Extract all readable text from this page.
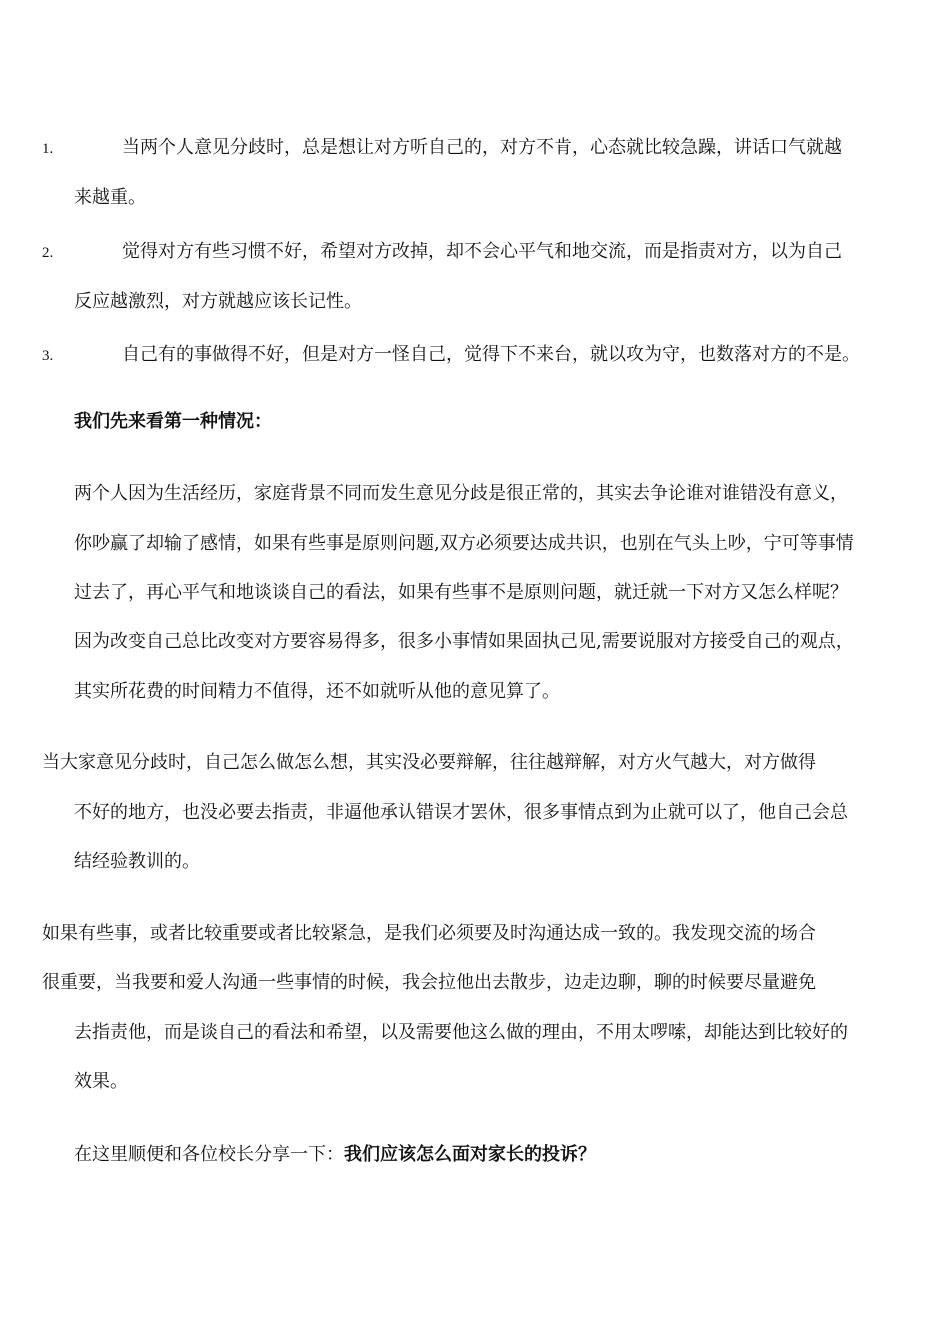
1.	当两个人意见分歧时，总是想让对方听自己的，对方不肯，心态就比较急躁，讲话口气就越
来越重。
2.	觉得对方有些习惯不好，希望对方改掉，却不会心平气和地交流，而是指责对方，以为自己
反应越激烈，对方就越应该长记性。
3.	自己有的事做得不好，但是对方一怪自己，觉得下不来台，就以攻为守，也数落对方的不是。
我们先来看第一种情况：
两个人因为生活经历，家庭背景不同而发生意见分歧是很正常的，其实去争论谁对谁错没有意义，
你吵赢了却输了感情，如果有些事是原则问题,双方必须要达成共识，也别在气头上吵，宁可等事情
过去了，再心平气和地谈谈自己的看法，如果有些事不是原则问题，就迁就一下对方又怎么样呢？
因为改变自己总比改变对方要容易得多，很多小事情如果固执己见,需要说服对方接受自己的观点，
其实所花费的时间精力不值得，还不如就听从他的意见算了。
当大家意见分歧时，自己怎么做怎么想，其实没必要辩解，往往越辩解，对方火气越大，对方做得
不好的地方，也没必要去指责，非逼他承认错误才罢休，很多事情点到为止就可以了，他自己会总
结经验教训的。
如果有些事，或者比较重要或者比较紧急，是我们必须要及时沟通达成一致的。我发现交流的场合
很重要，当我要和爱人沟通一些事情的时候，我会拉他出去散步，边走边聊，聊的时候要尽量避免
去指责他，而是谈自己的看法和希望，以及需要他这么做的理由，不用太啰嗦，却能达到比较好的
效果。
在这里顺便和各位校长分享一下：我们应该怎么面对家长的投诉？
